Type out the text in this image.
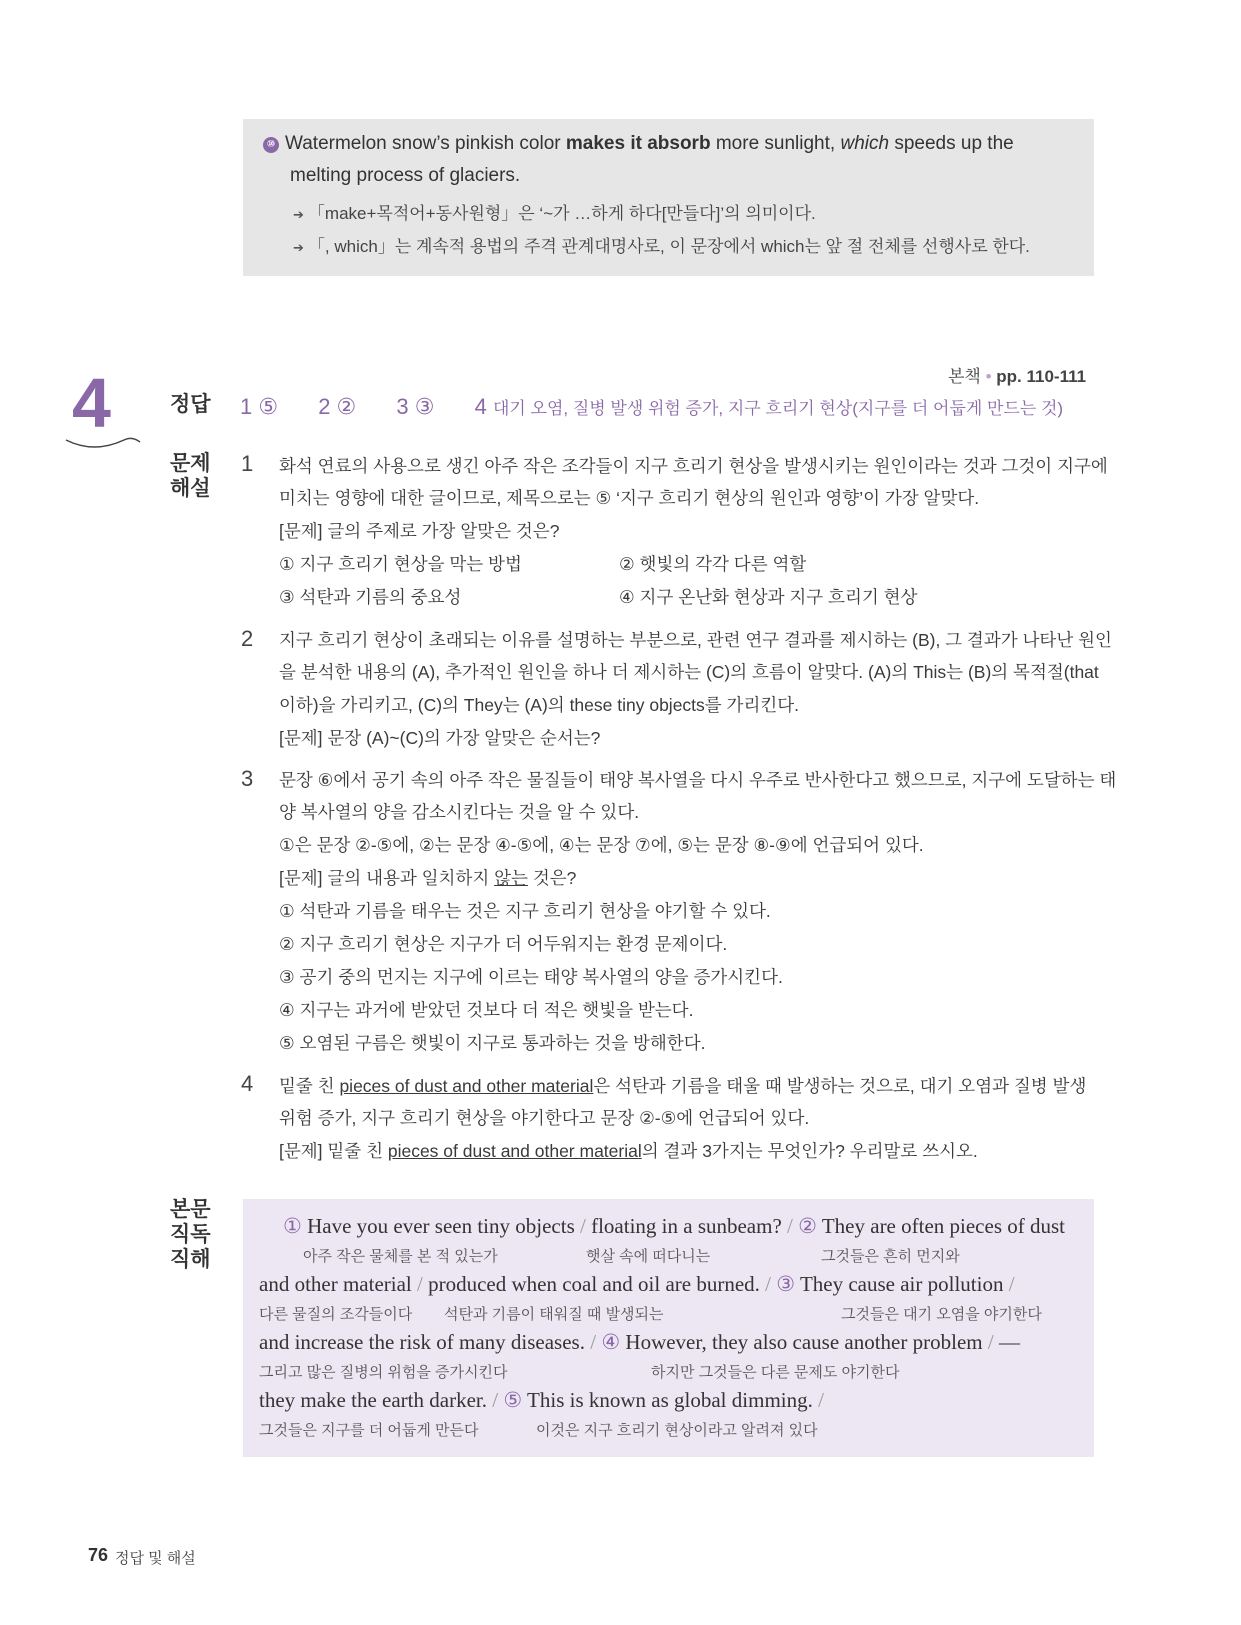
⑩ Watermelon snow’s pinkish color makes it absorb more sunlight, which speeds up the
melting process of glaciers.
➔ 「make+목적어+동사원형」은 ‘~가 …하게 하다[만들다]’의 의미이다.
➔ 「, which」는 계속적 용법의 주격 관계대명사로, 이 문장에서 which는 앞 절 전체를 선행사로 한다.
4	본책 • pp. 110-111
정답 1 ⑤ 2 ② 3 ③ 4 대기 오염, 질병 발생 위험 증가, 지구 흐리기 현상(지구를 더 어둡게 만드는 것)
문제
해설
1 화석 연료의 사용으로 생긴 아주 작은 조각들이 지구 흐리기 현상을 발생시키는 원인이라는 것과 그것이 지구에
미치는 영향에 대한 글이므로, 제목으로는 ⑤ ‘지구 흐리기 현상의 원인과 영향’이 가장 알맞다.
[문제] 글의 주제로 가장 알맞은 것은?
① 지구 흐리기 현상을 막는 방법	② 햇빛의 각각 다른 역할
③ 석탄과 기름의 중요성	④ 지구 온난화 현상과 지구 흐리기 현상
2 지구 흐리기 현상이 초래되는 이유를 설명하는 부분으로, 관련 연구 결과를 제시하는 (B), 그 결과가 나타난 원인
을 분석한 내용의 (A), 추가적인 원인을 하나 더 제시하는 (C)의 흐름이 알맞다. (A)의 This는 (B)의 목적절(that
이하)을 가리키고, (C)의 They는 (A)의 these tiny objects를 가리킨다.
[문제] 문장 (A)~(C)의 가장 알맞은 순서는?
3 문장 ⑥에서 공기 속의 아주 작은 물질들이 태양 복사열을 다시 우주로 반사한다고 했으므로, 지구에 도달하는 태
양 복사열의 양을 감소시킨다는 것을 알 수 있다.
①은 문장 ②-⑤에, ②는 문장 ④-⑤에, ④는 문장 ⑦에, ⑤는 문장 ⑧-⑨에 언급되어 있다.
[문제] 글의 내용과 일치하지 않는 것은?
① 석탄과 기름을 태우는 것은 지구 흐리기 현상을 야기할 수 있다.
② 지구 흐리기 현상은 지구가 더 어두워지는 환경 문제이다.
③ 공기 중의 먼지는 지구에 이르는 태양 복사열의 양을 증가시킨다.
④ 지구는 과거에 받았던 것보다 더 적은 햇빛을 받는다.
⑤ 오염된 구름은 햇빛이 지구로 통과하는 것을 방해한다.
4 밑줄 친 pieces of dust and other material은 석탄과 기름을 태울 때 발생하는 것으로, 대기 오염과 질병 발생
위험 증가, 지구 흐리기 현상을 야기한다고 문장 ②-⑤에 언급되어 있다.
[문제] 밑줄 친 pieces of dust and other material의 결과 3가지는 무엇인가? 우리말로 쓰시오.
본문
직독
직해
① Have you ever seen tiny objects / floating in a sunbeam? / ② They are often pieces of dust
아주 작은 물체를 본 적 있는가	햇살 속에 떠다니는	그것들은 흔히 먼지와
and other material / produced when coal and oil are burned. / ③ They cause air pollution /
다른 물질의 조각들이다 석탄과 기름이 태워질 때 발생되는	그것들은 대기 오염을 야기한다
and increase the risk of many diseases. / ④ However, they also cause another problem / —
그리고 많은 질병의 위험을 증가시킨다	하지만 그것들은 다른 문제도 야기한다
they make the earth darker. / ⑤ This is known as global dimming. /
그것들은 지구를 더 어둡게 만든다	이것은 지구 흐리기 현상이라고 알려져 있다
76 정답 및 해설
